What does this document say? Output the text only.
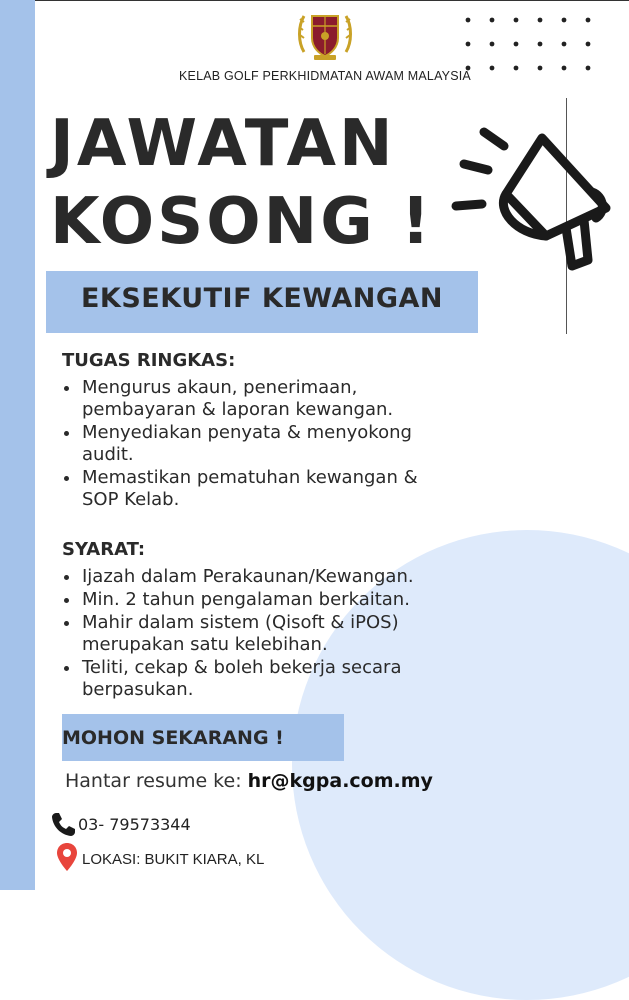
KELAB GOLF PERKHIDMATAN AWAM MALAYSIA
JAWATAN
KOSONG !
EKSEKUTIF KEWANGAN
TUGAS RINGKAS:
Mengurus akaun, penerimaan,
pembayaran & laporan kewangan.
Menyediakan penyata & menyokong
audit.
Memastikan pematuhan kewangan &
SOP Kelab.
SYARAT:
Ijazah dalam Perakaunan/Kewangan.
Min. 2 tahun pengalaman berkaitan.
Mahir dalam sistem (Qisoft & iPOS)
merupakan satu kelebihan.
Teliti, cekap & boleh bekerja secara
berpasukan.
MOHON SEKARANG !
Hantar resume ke: hr@kgpa.com.my
03- 79573344
LOKASI: BUKIT KIARA, KL
